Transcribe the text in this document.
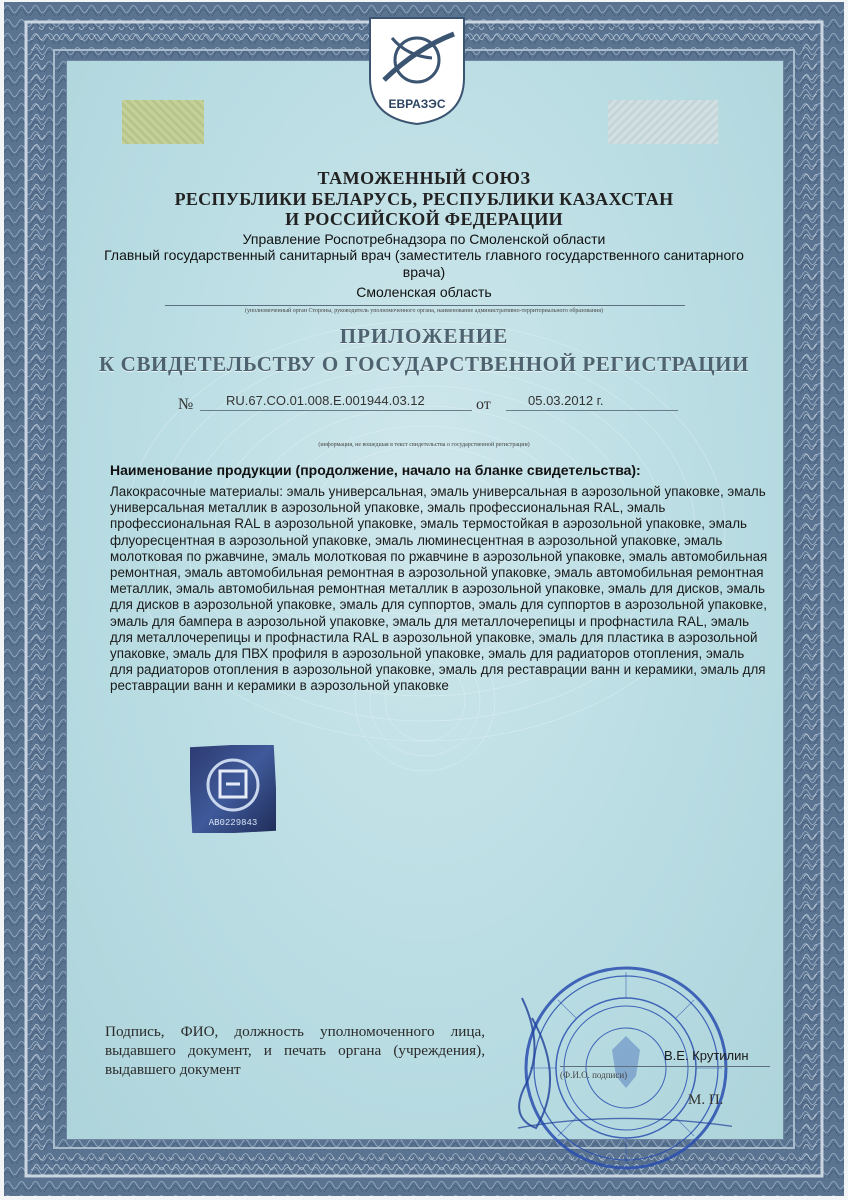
ЕВРАЗЭС
ТАМОЖЕННЫЙ СОЮЗ
РЕСПУБЛИКИ БЕЛАРУСЬ, РЕСПУБЛИКИ КАЗАХСТАН
И РОССИЙСКОЙ ФЕДЕРАЦИИ
Управление Роспотребнадзора по Смоленской области
Главный государственный санитарный врач (заместитель главного государственного санитарного врача)
Смоленская область
(уполномоченный орган Стороны, руководитель уполномоченного органа, наименование административно-территориального образования)
ПРИЛОЖЕНИЕ
К СВИДЕТЕЛЬСТВУ О ГОСУДАРСТВЕННОЙ РЕГИСТРАЦИИ
№	RU.67.CO.01.008.E.001944.03.12	от	05.03.2012 г.
(информация, не вошедшая в текст свидетельства о государственной регистрации)
Наименование продукции (продолжение, начало на бланке свидетельства):
Лакокрасочные материалы: эмаль универсальная, эмаль универсальная в аэрозольной упаковке, эмаль универсальная металлик в аэрозольной упаковке, эмаль профессиональная RAL, эмаль профессиональная RAL в аэрозольной упаковке, эмаль термостойкая в аэрозольной упаковке, эмаль флуоресцентная в аэрозольной упаковке, эмаль люминесцентная в аэрозольной упаковке, эмаль молотковая по ржавчине, эмаль молотковая по ржавчине в аэрозольной упаковке, эмаль автомобильная ремонтная, эмаль автомобильная ремонтная в аэрозольной упаковке, эмаль автомобильная ремонтная металлик, эмаль автомобильная ремонтная металлик в аэрозольной упаковке, эмаль для дисков, эмаль для дисков в аэрозольной упаковке, эмаль для суппортов, эмаль для суппортов в аэрозольной упаковке, эмаль для бампера в аэрозольной упаковке, эмаль для металлочерепицы и профнастила RAL, эмаль для металлочерепицы и профнастила RAL в аэрозольной упаковке, эмаль для пластика в аэрозольной упаковке, эмаль для ПВХ профиля в аэрозольной упаковке, эмаль для радиаторов отопления, эмаль для радиаторов отопления в аэрозольной упаковке, эмаль для реставрации ванн и керамики, эмаль для реставрации ванн и керамики в аэрозольной упаковке
AB0229843
Подпись, ФИО, должность уполномоченного лица, выдавшего документ, и печать органа (учреждения), выдавшего документ
В.Е. Крутилин
(Ф.И.О. подписи)
М. П.
